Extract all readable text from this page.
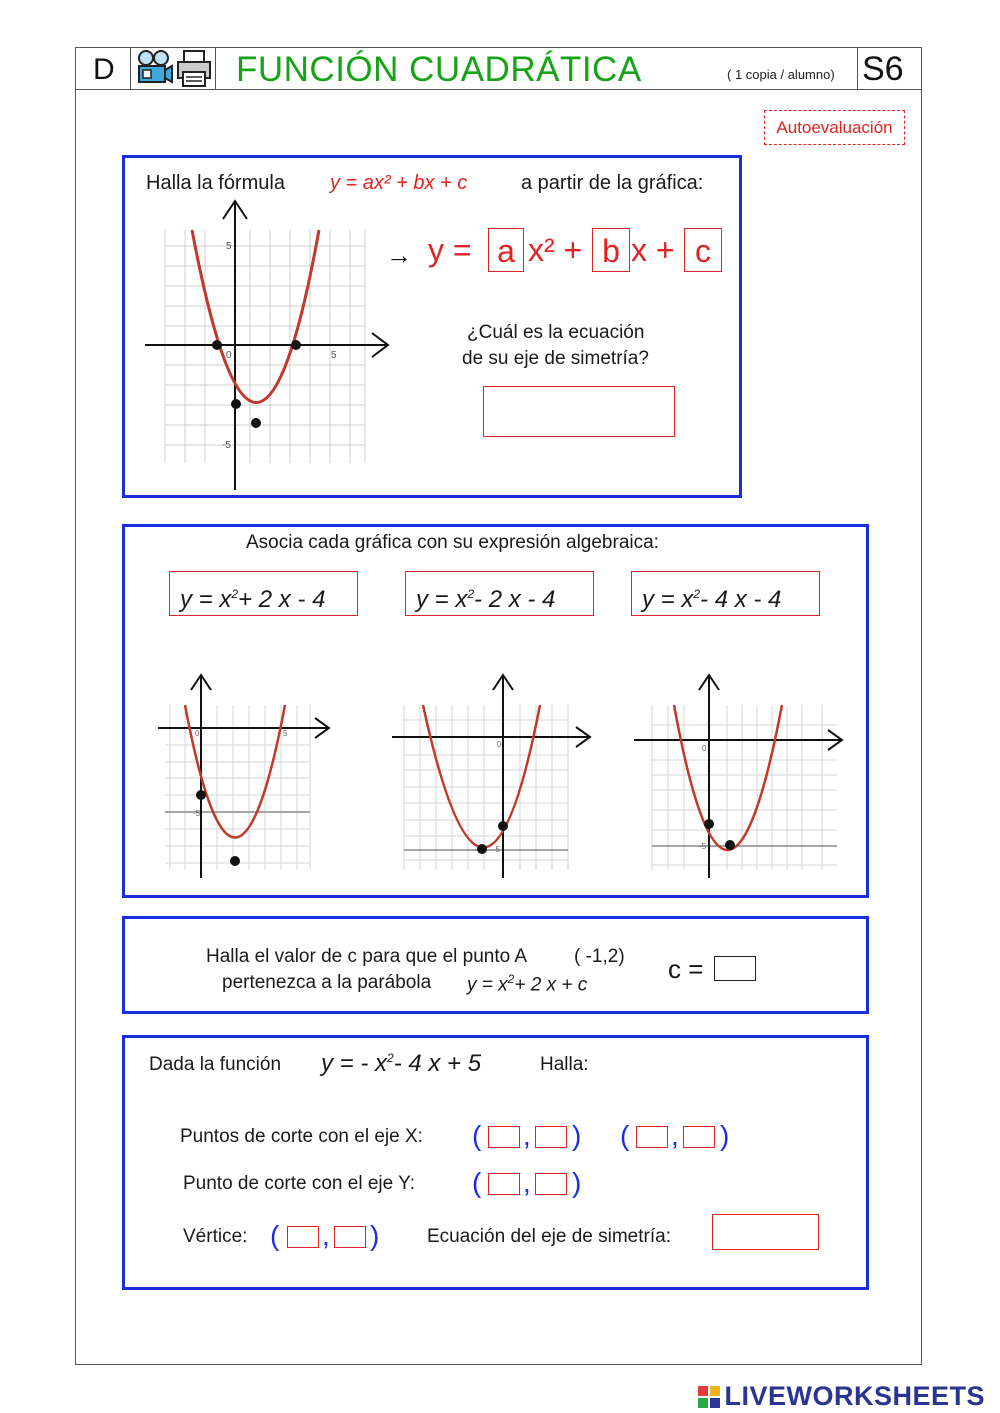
D	FUNCIÓN CUADRÁTICA	( 1 copia / alumno) S6
Autoevaluación
Halla la fórmula y = ax² + bx + c	a partir de la gráfica:
5
0	5
-5
→ y = a x² + b x + c
¿Cuál es la ecuación
de su eje de simetría?
Asocia cada gráfica con su expresión algebraica:
$y = x^2+ 2$ x - 4	$y = x^2-$ 2 x - 4	$y = x^2-$ 4 x - 4
0	5
-5
0
-5
0
-5
Halla el valor de c para que el punto A ( -1,2)
pertenezca a la parábola $y = x^2+ 2$ x + c
c =
Dada la función y = - $x^2-$ 4 x + 5	Halla:
Puntos de corte con el eje X: ( , ) ( , )
Punto de corte con el eje Y: ( , )
Vértice: ( , )	Ecuación del eje de simetría:
LIVEWORKSHEETS
